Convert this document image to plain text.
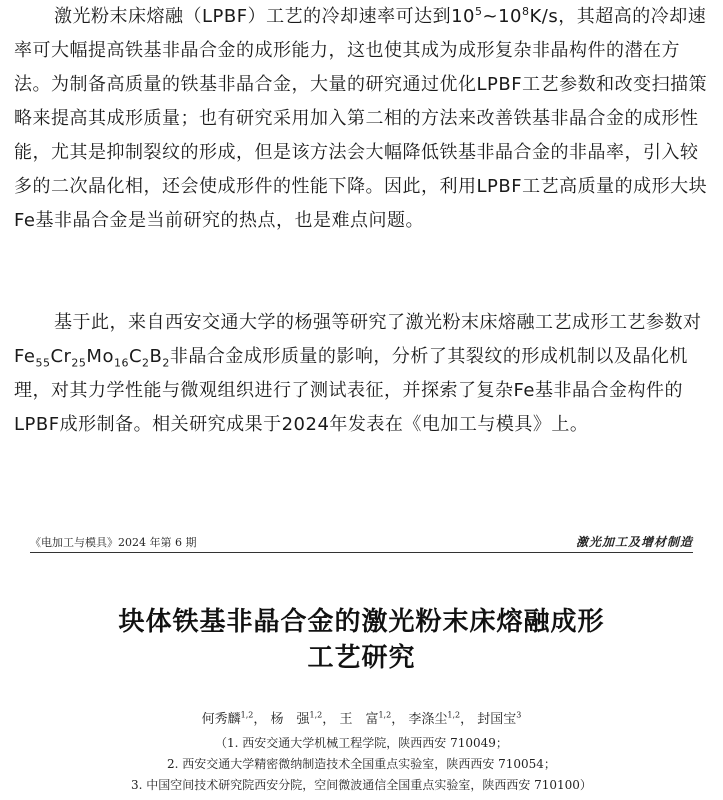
激光粉末床熔融（LPBF）工艺的冷却速率可达到$10^5\sim 10^8K/s$，其超高的冷却速率可大幅提高铁基非晶合金的成形能力，这也使其成为成形复杂非晶构件的潜在方法。为制备高质量的铁基非晶合金，大量的研究通过优化LPBF工艺参数和改变扫描策略来提高其成形质量；也有研究采用加入第二相的方法来改善铁基非晶合金的成形性能，尤其是抑制裂纹的形成，但是该方法会大幅降低铁基非晶合金的非晶率，引入较多的二次晶化相，还会使成形件的性能下降。因此，利用LPBF工艺高质量的成形大块Fe基非晶合金是当前研究的热点，也是难点问题。

基于此，来自西安交通大学的杨强等研究了激光粉末床熔融工艺成形工艺参数对$Fe_{55}Cr_{25}Mo_{16}C_2B_2$非晶合金成形质量的影响，分析了其裂纹的形成机制以及晶化机理，对其力学性能与微观组织进行了测试表征，并探索了复杂Fe基非晶合金构件的LPBF成形制备。相关研究成果于2024年发表在《电加工与模具》上。

《电加工与模具》2024 年第 6 期	激光加工及增材制造
块体铁基非晶合金的激光粉末床熔融成形
工艺研究
何秀麟$^{1,2}$， 杨　强$^{1,2}$， 王　富$^{1,2}$， 李涤尘$^{1,2}$， 封国宝$^3$
（1. 西安交通大学机械工程学院，陕西西安 710049；
2. 西安交通大学精密微纳制造技术全国重点实验室，陕西西安 710054；
3. 中国空间技术研究院西安分院，空间微波通信全国重点实验室，陕西西安 710100）
